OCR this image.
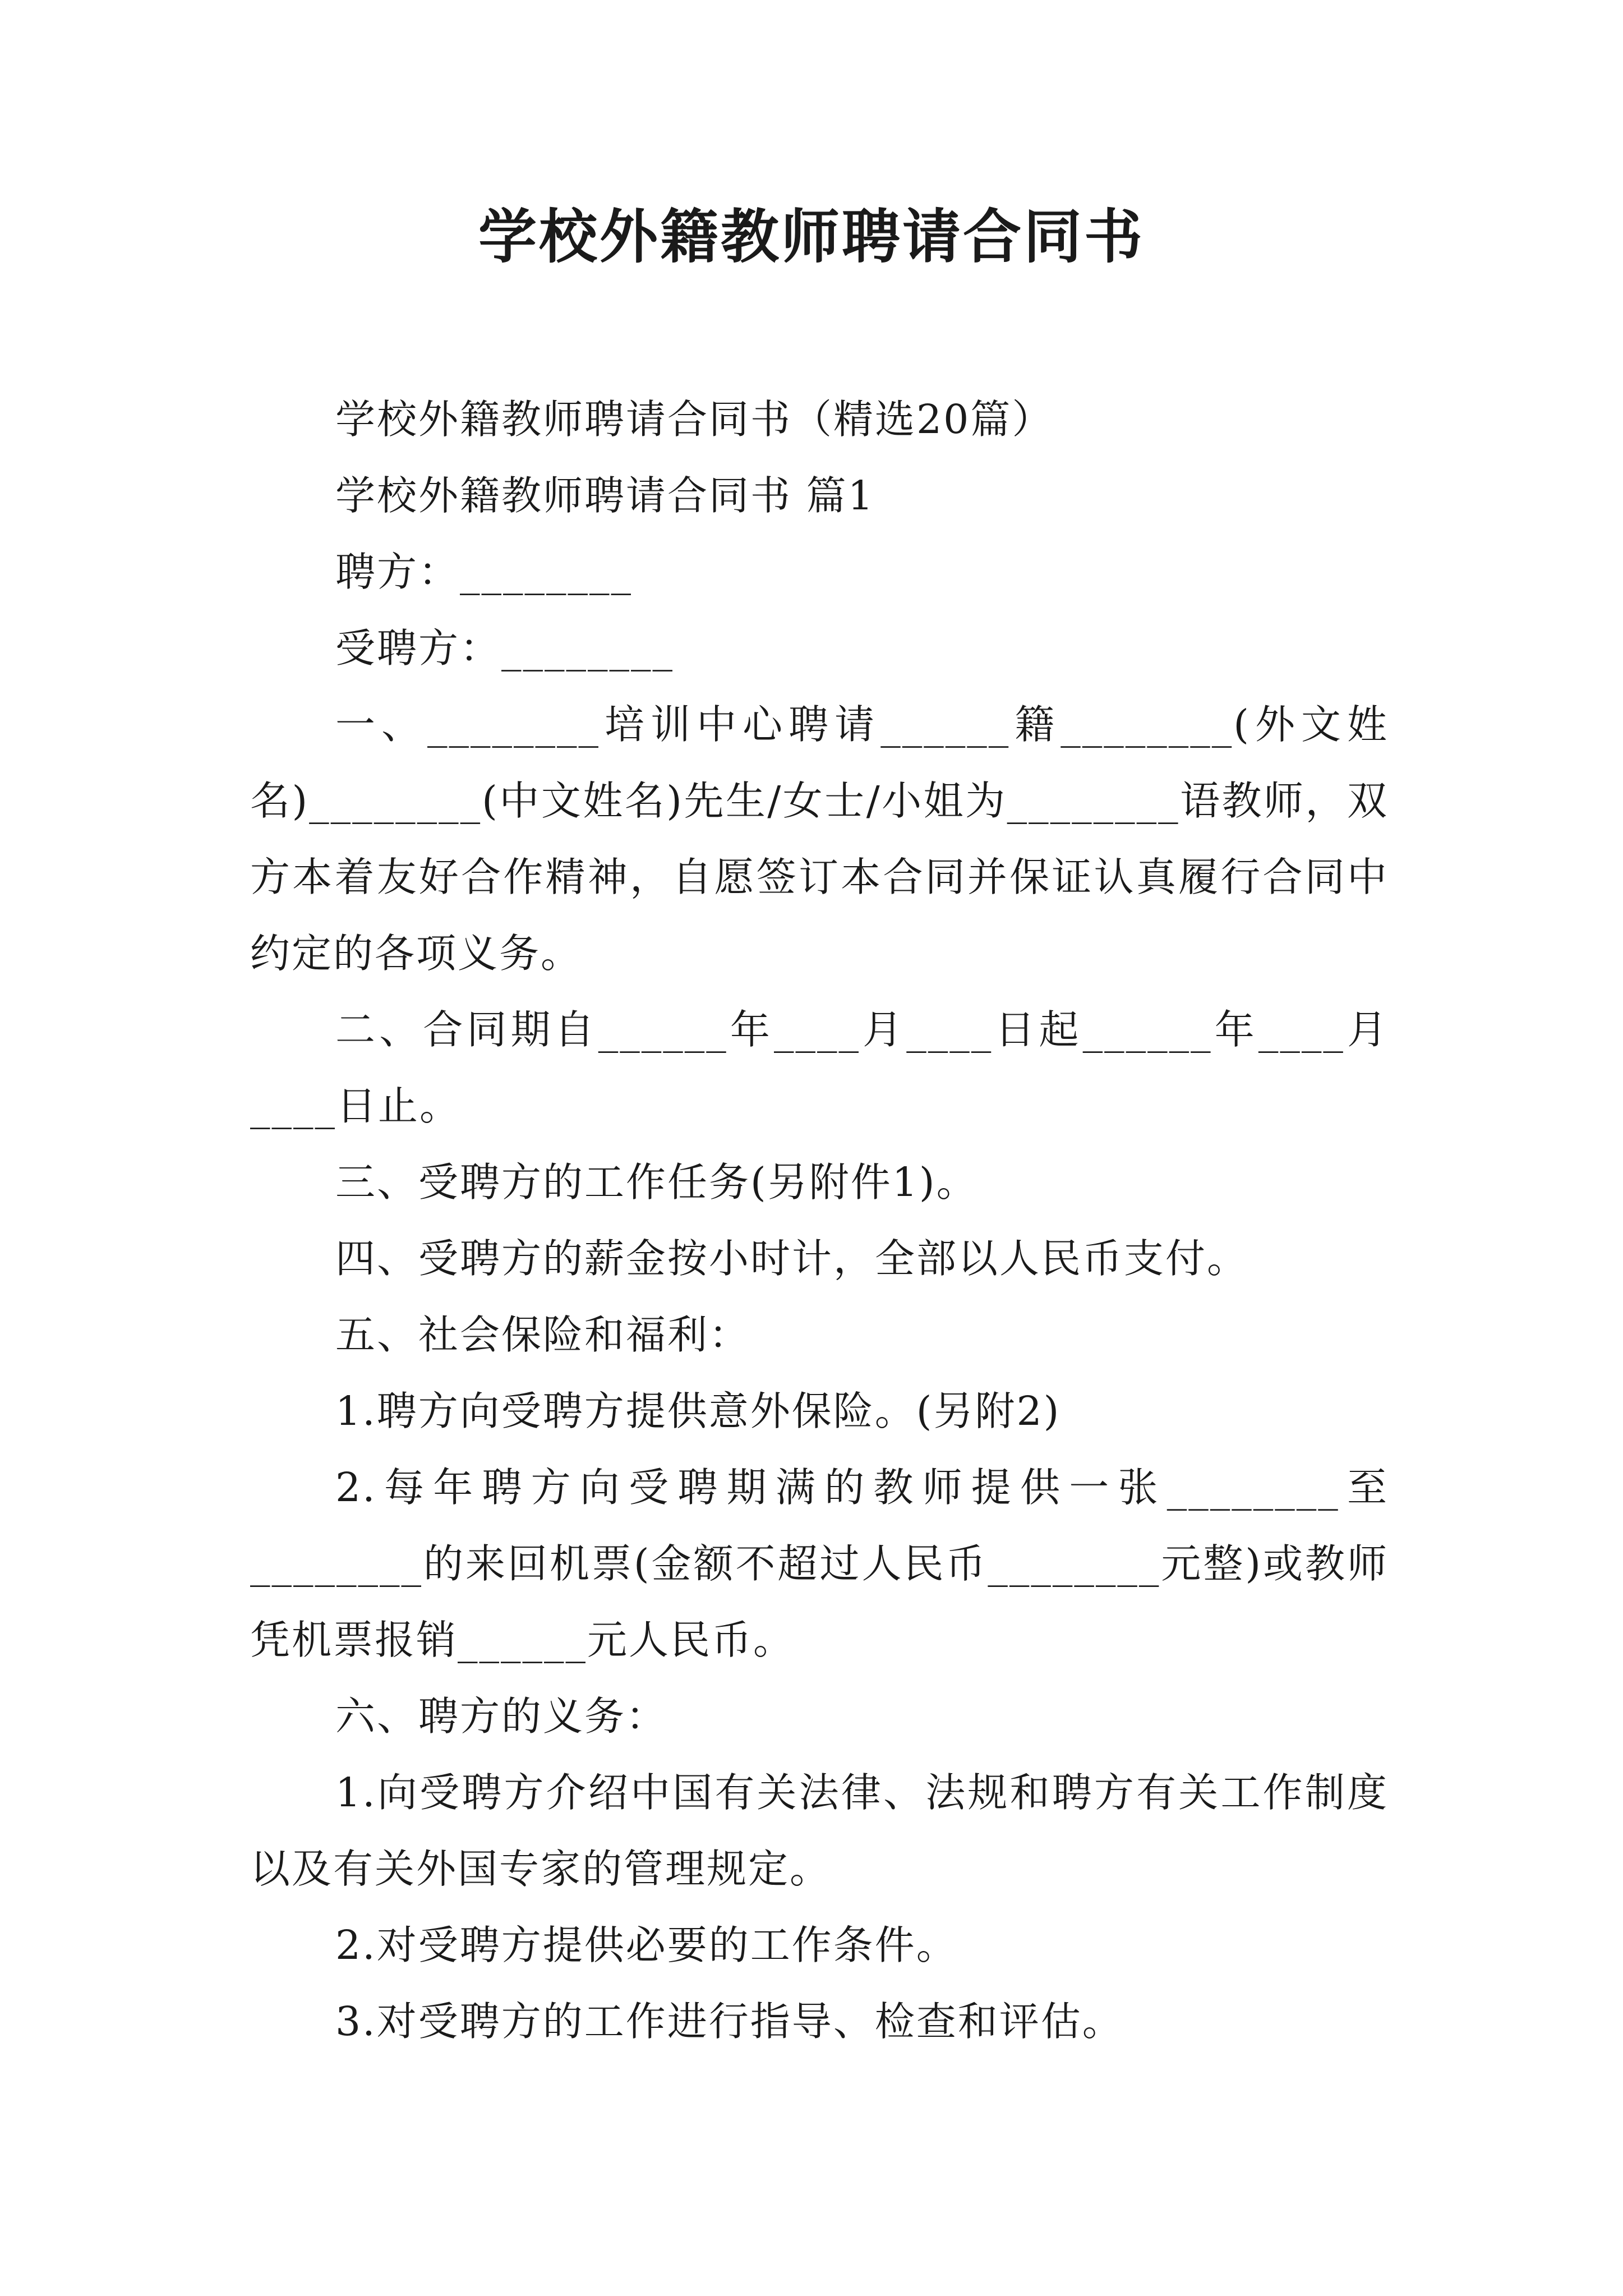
学校外籍教师聘请合同书

学校外籍教师聘请合同书（精选20篇）

学校外籍教师聘请合同书 篇1

聘方：________

受聘方：________

一、________培训中心聘请______籍________(外文姓名)________(中文姓名)先生/女士/小姐为________语教师，双方本着友好合作精神，自愿签订本合同并保证认真履行合同中约定的各项义务。

二、合同期自______年____月____日起______年____月____日止。

三、受聘方的工作任务(另附件1)。

四、受聘方的薪金按小时计，全部以人民币支付。

五、社会保险和福利：

1.聘方向受聘方提供意外保险。(另附2)

2.每年聘方向受聘期满的教师提供一张________至________的来回机票(金额不超过人民币________元整)或教师凭机票报销______元人民币。

六、聘方的义务：

1.向受聘方介绍中国有关法律、法规和聘方有关工作制度以及有关外国专家的管理规定。

2.对受聘方提供必要的工作条件。

3.对受聘方的工作进行指导、检查和评估。
